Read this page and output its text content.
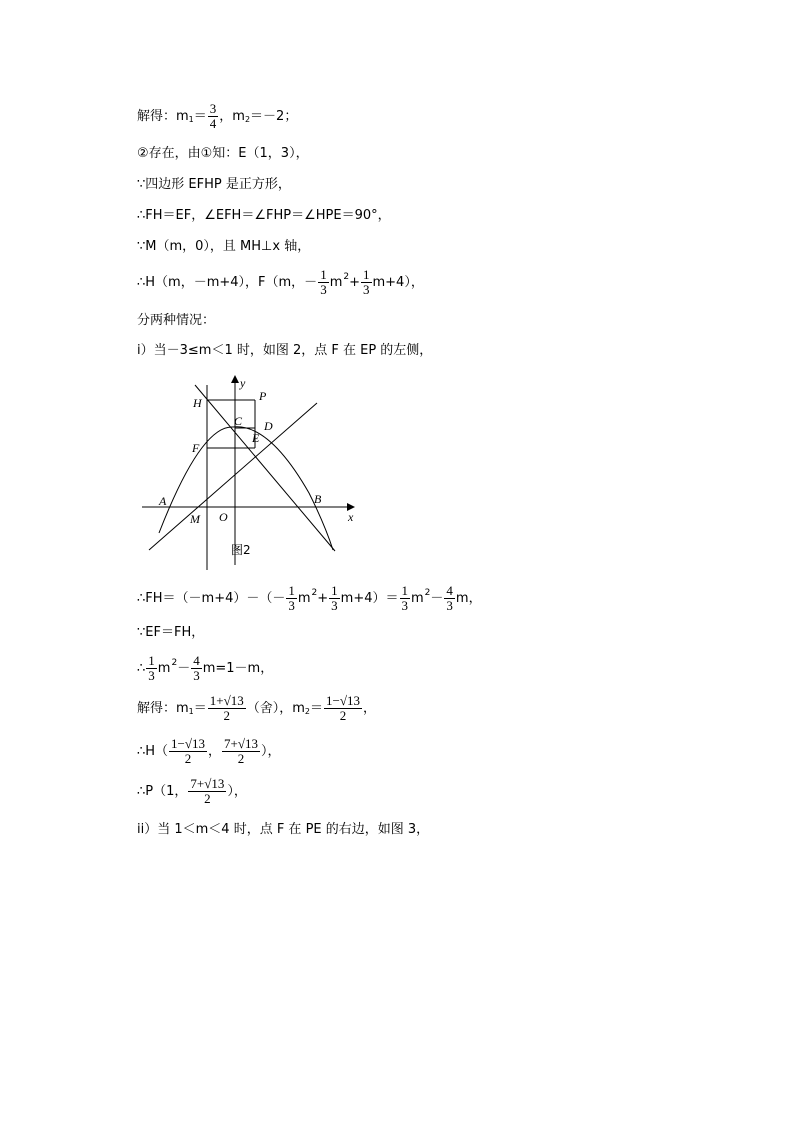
解得：m $1 = \frac{3}{4}$ ，m 2 ＝－2；
②存在，由①知：E（1，3），
∵四边形 EFHP 是正方形，
∴FH＝EF，∠EFH＝∠FHP＝∠HPE＝90°，
∵M（m，0），且 MH⊥x 轴，
∴H（m，－m+4），F（m，－ $\frac{1}{3}$ m $2 + \frac{1}{3} m+4$），
分两种情况：
i）当－3≤m＜1 时，如图 2，点 F 在 EP 的左侧，
H	P
C D
E
F
A	B
M O	x
y
图2
∴FH＝（－m+4）－（－ $\frac{1}{3}$ m $2 + \frac{1}{3} m+4)= \frac{1}{3}$ m $2 - \frac{4}{3}$ m，
∵EF＝FH，
∴ $\frac{1}{3}$ m $2 - \frac{4}{3} m=1-m$，
解得：m $1 = \frac{1+√13}{2}$ （舍），m $2 = \frac{1-√13}{2}$ ，
∴H（ $\frac{1-√13}{2}$ ， $\frac{7+√13}{2}$ ），
∴P（1， $\frac{7+√13}{2}$ ），
ii）当 1＜m＜4 时，点 F 在 PE 的右边，如图 3，
